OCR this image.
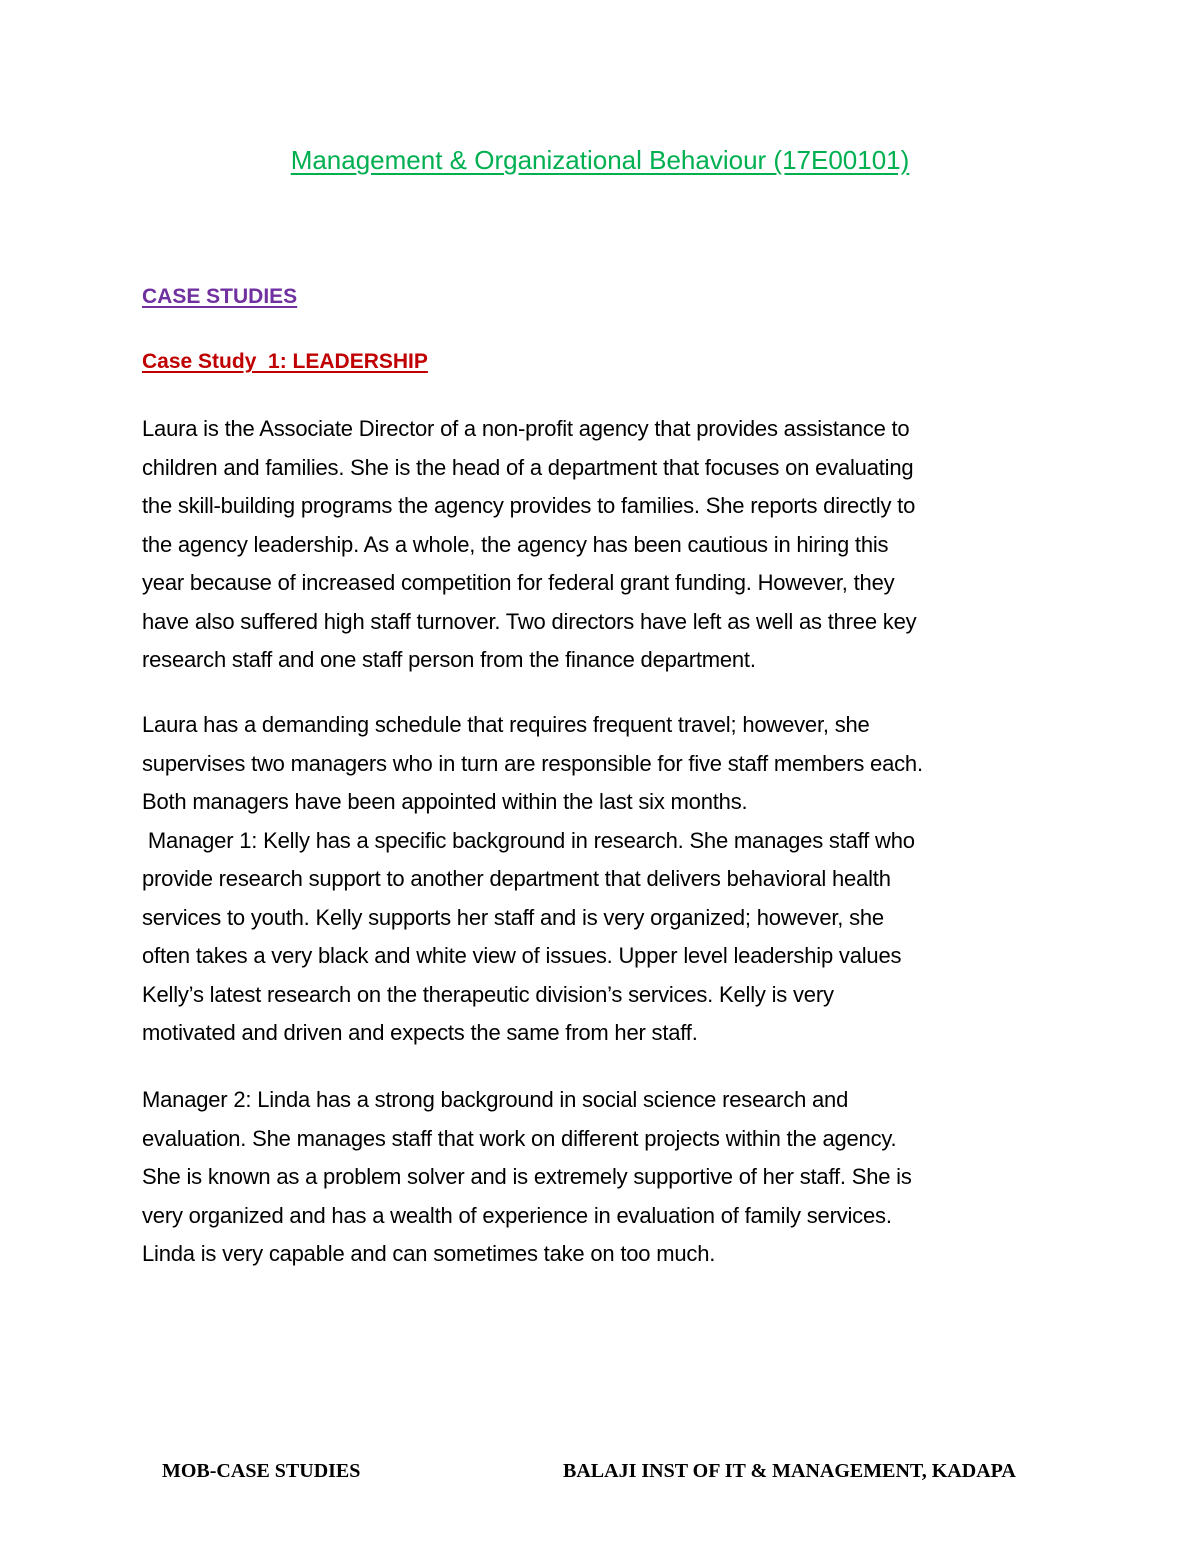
Management & Organizational Behaviour (17E00101)
CASE STUDIES
Case Study  1: LEADERSHIP
Laura is the Associate Director of a non-profit agency that provides assistance to
children and families. She is the head of a department that focuses on evaluating
the skill-building programs the agency provides to families. She reports directly to
the agency leadership. As a whole, the agency has been cautious in hiring this
year because of increased competition for federal grant funding. However, they
have also suffered high staff turnover. Two directors have left as well as three key
research staff and one staff person from the finance department.
Laura has a demanding schedule that requires frequent travel; however, she
supervises two managers who in turn are responsible for five staff members each.
Both managers have been appointed within the last six months.
Manager 1: Kelly has a specific background in research. She manages staff who
provide research support to another department that delivers behavioral health
services to youth. Kelly supports her staff and is very organized; however, she
often takes a very black and white view of issues. Upper level leadership values
Kelly’s latest research on the therapeutic division’s services. Kelly is very
motivated and driven and expects the same from her staff.
Manager 2: Linda has a strong background in social science research and
evaluation. She manages staff that work on different projects within the agency.
She is known as a problem solver and is extremely supportive of her staff. She is
very organized and has a wealth of experience in evaluation of family services.
Linda is very capable and can sometimes take on too much.
MOB-CASE STUDIES	BALAJI INST OF IT & MANAGEMENT, KADAPA
